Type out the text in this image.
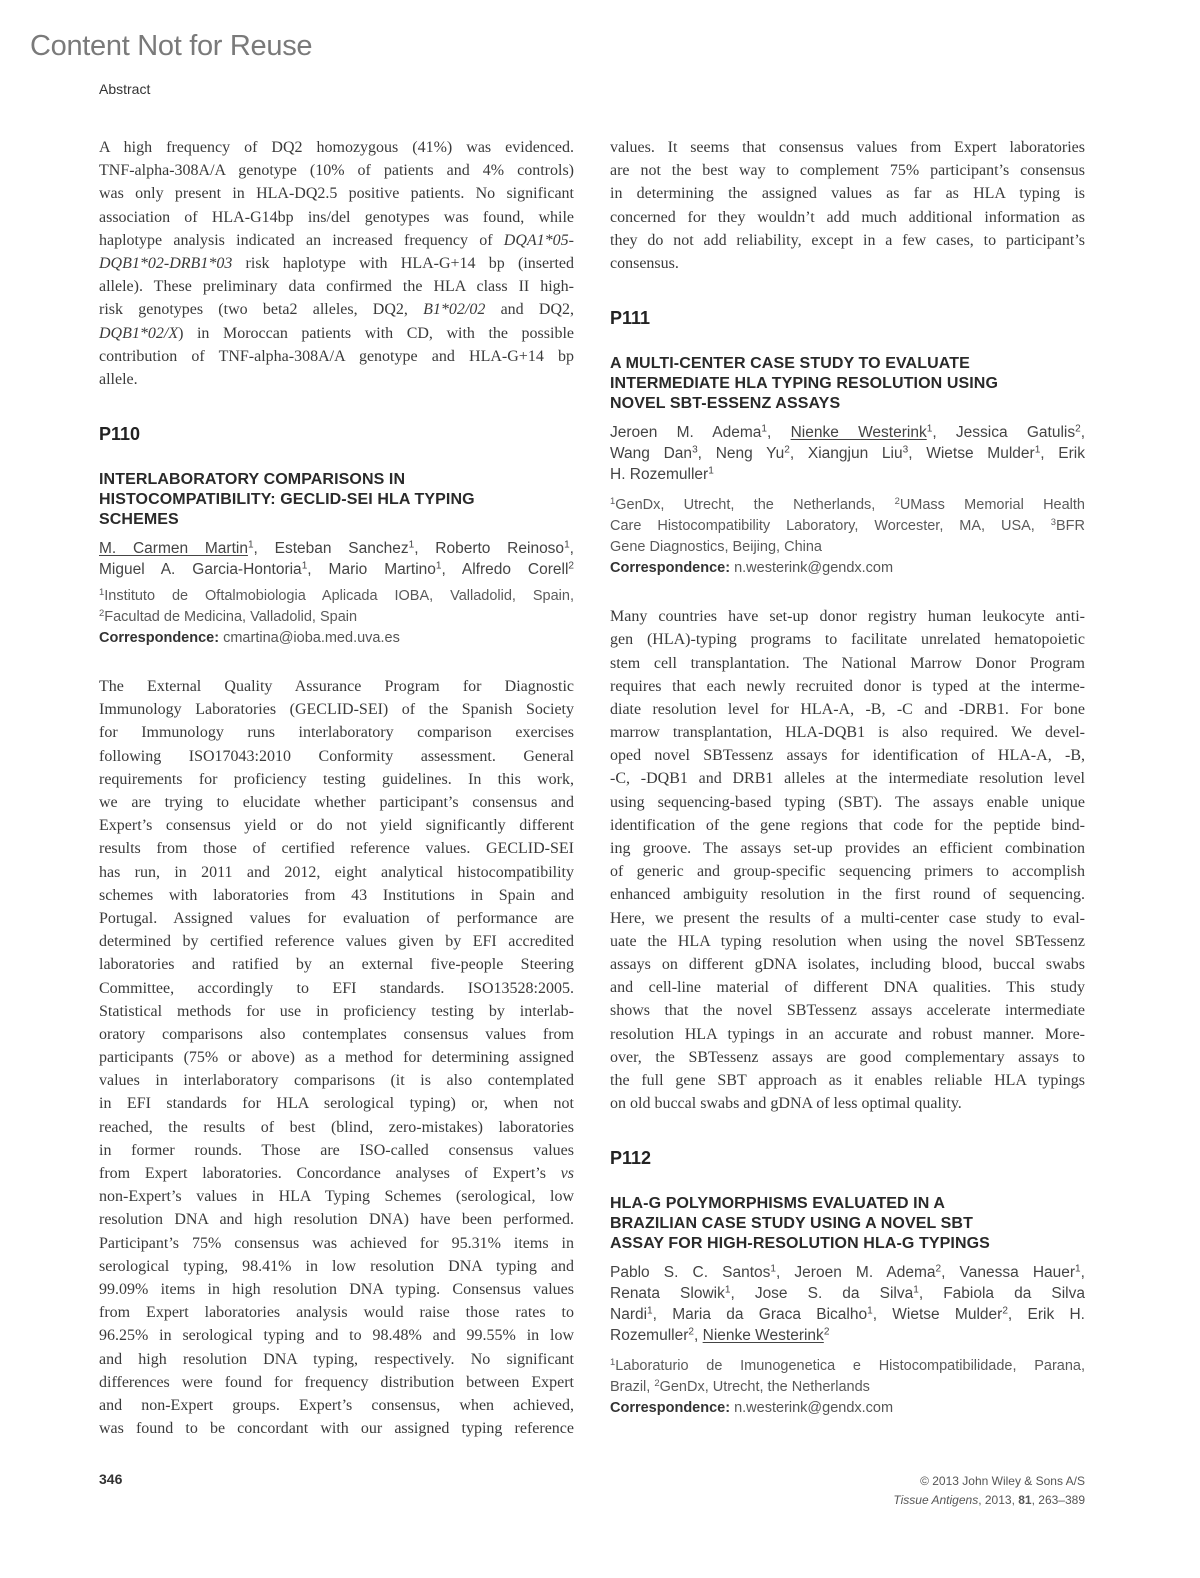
Content Not for Reuse
Abstract
A high frequency of DQ2 homozygous (41%) was evidenced.
TNF-alpha-308A/A genotype (10% of patients and 4% controls)
was only present in HLA-DQ2.5 positive patients. No significant
association of HLA-G14bp ins/del genotypes was found, while
haplotype analysis indicated an increased frequency of DQA1*05-
DQB1*02-DRB1*03 risk haplotype with HLA-G+14 bp (inserted
allele). These preliminary data confirmed the HLA class II high-
risk genotypes (two beta2 alleles, DQ2, B1*02/02 and DQ2,
DQB1*02/X) in Moroccan patients with CD, with the possible
contribution of TNF-alpha-308A/A genotype and HLA-G+14 bp
allele.

P110

INTERLABORATORY COMPARISONS IN
HISTOCOMPATIBILITY: GECLID-SEI HLA TYPING
SCHEMES
M. Carmen Martin$^1$, Esteban Sanchez$^1$, Roberto Reinoso$^1$,
Miguel A. Garcia-Hontoria$^1$, Mario Martino$^1$, Alfredo Corell$^2$
$^1$Instituto de Oftalmobiologia Aplicada IOBA, Valladolid, Spain,
$^2$Facultad de Medicina, Valladolid, Spain

Correspondence: cmartina@ioba.med.uva.es

The External Quality Assurance Program for Diagnostic
Immunology Laboratories (GECLID-SEI) of the Spanish Society
for Immunology runs interlaboratory comparison exercises
following ISO17043:2010 Conformity assessment. General
requirements for proficiency testing guidelines. In this work,
we are trying to elucidate whether participant’s consensus and
Expert’s consensus yield or do not yield significantly different
results from those of certified reference values. GECLID-SEI
has run, in 2011 and 2012, eight analytical histocompatibility
schemes with laboratories from 43 Institutions in Spain and
Portugal. Assigned values for evaluation of performance are
determined by certified reference values given by EFI accredited
laboratories and ratified by an external five-people Steering
Committee, accordingly to EFI standards. ISO13528:2005.
Statistical methods for use in proficiency testing by interlab-
oratory comparisons also contemplates consensus values from
participants (75% or above) as a method for determining assigned
values in interlaboratory comparisons (it is also contemplated
in EFI standards for HLA serological typing) or, when not
reached, the results of best (blind, zero-mistakes) laboratories
in former rounds. Those are ISO-called consensus values
from Expert laboratories. Concordance analyses of Expert’s vs
non-Expert’s values in HLA Typing Schemes (serological, low
resolution DNA and high resolution DNA) have been performed.
Participant’s 75% consensus was achieved for 95.31% items in
serological typing, 98.41% in low resolution DNA typing and
99.09% items in high resolution DNA typing. Consensus values
from Expert laboratories analysis would raise those rates to
96.25% in serological typing and to 98.48% and 99.55% in low
and high resolution DNA typing, respectively. No significant
differences were found for frequency distribution between Expert
and non-Expert groups. Expert’s consensus, when achieved,
was found to be concordant with our assigned typing reference
values. It seems that consensus values from Expert laboratories
are not the best way to complement 75% participant’s consensus
in determining the assigned values as far as HLA typing is
concerned for they wouldn’t add much additional information as
they do not add reliability, except in a few cases, to participant’s
consensus.

P111

A MULTI-CENTER CASE STUDY TO EVALUATE
INTERMEDIATE HLA TYPING RESOLUTION USING
NOVEL SBT-ESSENZ ASSAYS
Jeroen M. Adema$^1$, Nienke Westerink$^1$, Jessica Gatulis$^2$,
Wang Dan$^3$, Neng Yu$^2$, Xiangjun Liu$^3$, Wietse Mulder$^1$, Erik
H. Rozemuller$^1$
$^1$GenDx, Utrecht, the Netherlands, $^2$UMass Memorial Health
Care Histocompatibility Laboratory, Worcester, MA, USA, $^3$BFR
Gene Diagnostics, Beijing, China

Correspondence: n.westerink@gendx.com

Many countries have set-up donor registry human leukocyte anti-
gen (HLA)-typing programs to facilitate unrelated hematopoietic
stem cell transplantation. The National Marrow Donor Program
requires that each newly recruited donor is typed at the interme-
diate resolution level for HLA-A, -B, -C and -DRB1. For bone
marrow transplantation, HLA-DQB1 is also required. We devel-
oped novel SBTessenz assays for identification of HLA-A, -B,
-C, -DQB1 and DRB1 alleles at the intermediate resolution level
using sequencing-based typing (SBT). The assays enable unique
identification of the gene regions that code for the peptide bind-
ing groove. The assays set-up provides an efficient combination
of generic and group-specific sequencing primers to accomplish
enhanced ambiguity resolution in the first round of sequencing.
Here, we present the results of a multi-center case study to eval-
uate the HLA typing resolution when using the novel SBTessenz
assays on different gDNA isolates, including blood, buccal swabs
and cell-line material of different DNA qualities. This study
shows that the novel SBTessenz assays accelerate intermediate
resolution HLA typings in an accurate and robust manner. More-
over, the SBTessenz assays are good complementary assays to
the full gene SBT approach as it enables reliable HLA typings
on old buccal swabs and gDNA of less optimal quality.

P112

HLA-G POLYMORPHISMS EVALUATED IN A
BRAZILIAN CASE STUDY USING A NOVEL SBT
ASSAY FOR HIGH-RESOLUTION HLA-G TYPINGS
Pablo S. C. Santos$^1$, Jeroen M. Adema$^2$, Vanessa Hauer$^1$,
Renata Slowik$^1$, Jose S. da Silva$^1$, Fabiola da Silva
Nardi$^1$, Maria da Graca Bicalho$^1$, Wietse Mulder$^2$, Erik H.
Rozemuller$^2$, Nienke Westerink$^2$
$^1$Laboraturio de Imunogenetica e Histocompatibilidade, Parana,
Brazil, $^2$GenDx, Utrecht, the Netherlands

Correspondence: n.westerink@gendx.com

346	© 2013 John Wiley & Sons A/S
Tissue Antigens, 2013, 81, 263–389
